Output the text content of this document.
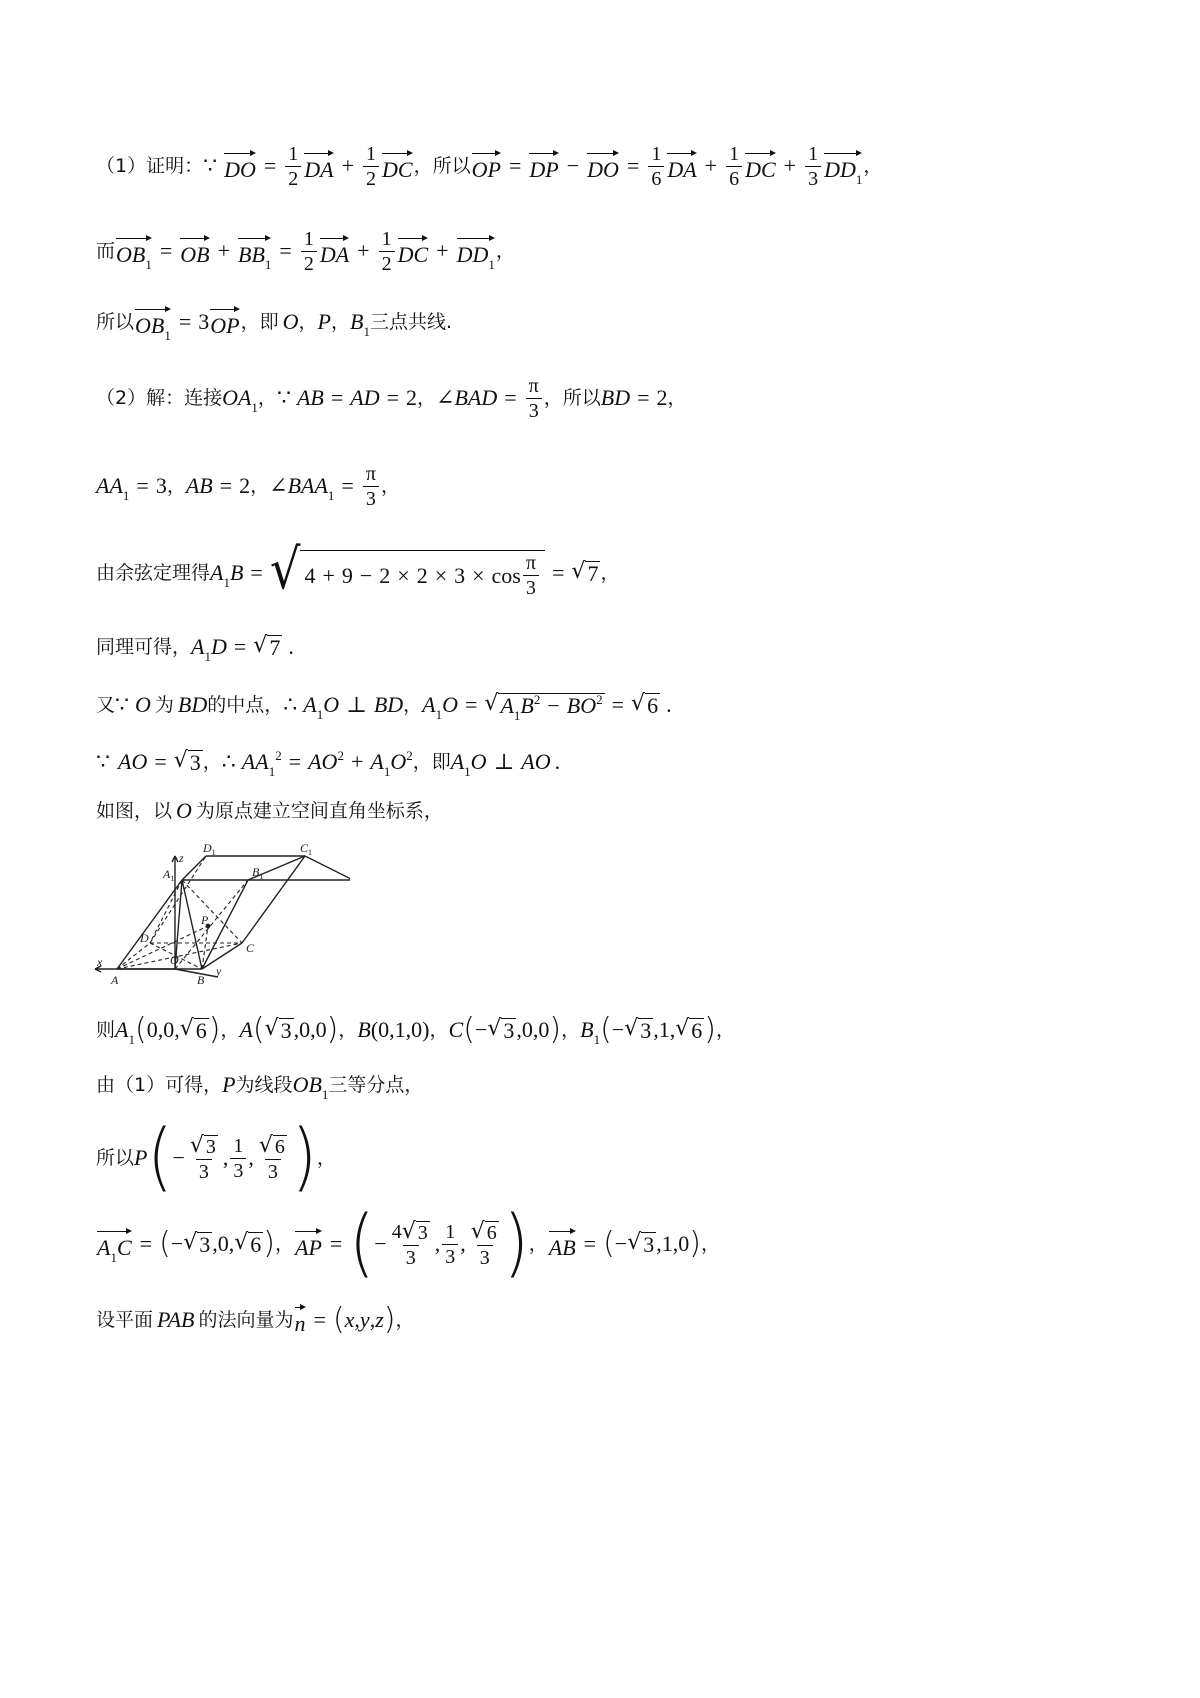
（1）证明： ∵ DO = $\frac{1}{2}$ DA + $\frac{1}{2}$ DC ，所以 OP = DP − DO = $\frac{1}{6}$ DA + $\frac{1}{6}$ DC + $\frac{1}{3} DD_1$
，
而 $OB_1$
= OB + $BB_1$
= $\frac{1}{2}$ DA + $\frac{1}{2}$ DC + $DD_1$
，
所以 $OB_1$
= 3 OP ，即 O ， P ， $B_1$ 三点共线.
（2）解：连接 $OA_1$ ， ∵ AB = AD = 2 ， ∠ BAD = $\frac{\pi}{3}$ ，所以 BD = 2 ，
$AA_1 = 3$ ， AB = 2 ， ∠ $BAA_1 = \frac{\pi}{3}$ ，
由余弦定理得 $A_1B$ = √ 4 + 9 − 2 × 2 × 3 × cos π
3
= √ 7 ，
同理可得， $A_1D$ = √ 7 .
又 ∵ O 为 BD 的中点， ∴ $A_1O$ ⊥ BD ， $A_1O$ = √ $A_1B^2 - BO^2$ = √ 6 .
∵ AO = √ 3 ， ∴ $AA_1^2 = AO^2 + A_1O^2$ ，即 $A_1O$ ⊥ AO .
如图，以 O 为原点建立空间直角坐标系，
$D_1$	$C_1$
$A_1$	$B_1$
z
P
D
C
O
x
A	B
y
则 $A_1$ ( 0,0, √ 6 ) ， A ( √ 3 ,0,0 ) ， B (0,1,0) ， C ( − √ 3 ,0,0 ) ， $B_1$ ( − √ 3 ,1, √ 6 ) ，
由（1）可得， P 为线段 $OB_1$ 三等分点，
所以 P ( − $\frac{√ 3}{3}$ , 1
3
, √ 6
3 ) ，
$A_1C$ = ( − √ 3 ,0, √ 6 ) ， AP = ( − $\frac{4 √ 3}{3}$ , 1
3
, √ 6
3 ) ， AB = ( − √ 3 ,1,0 ) ，
设平面 PAB 的法向量为 n = ( x , y , z ) ，
